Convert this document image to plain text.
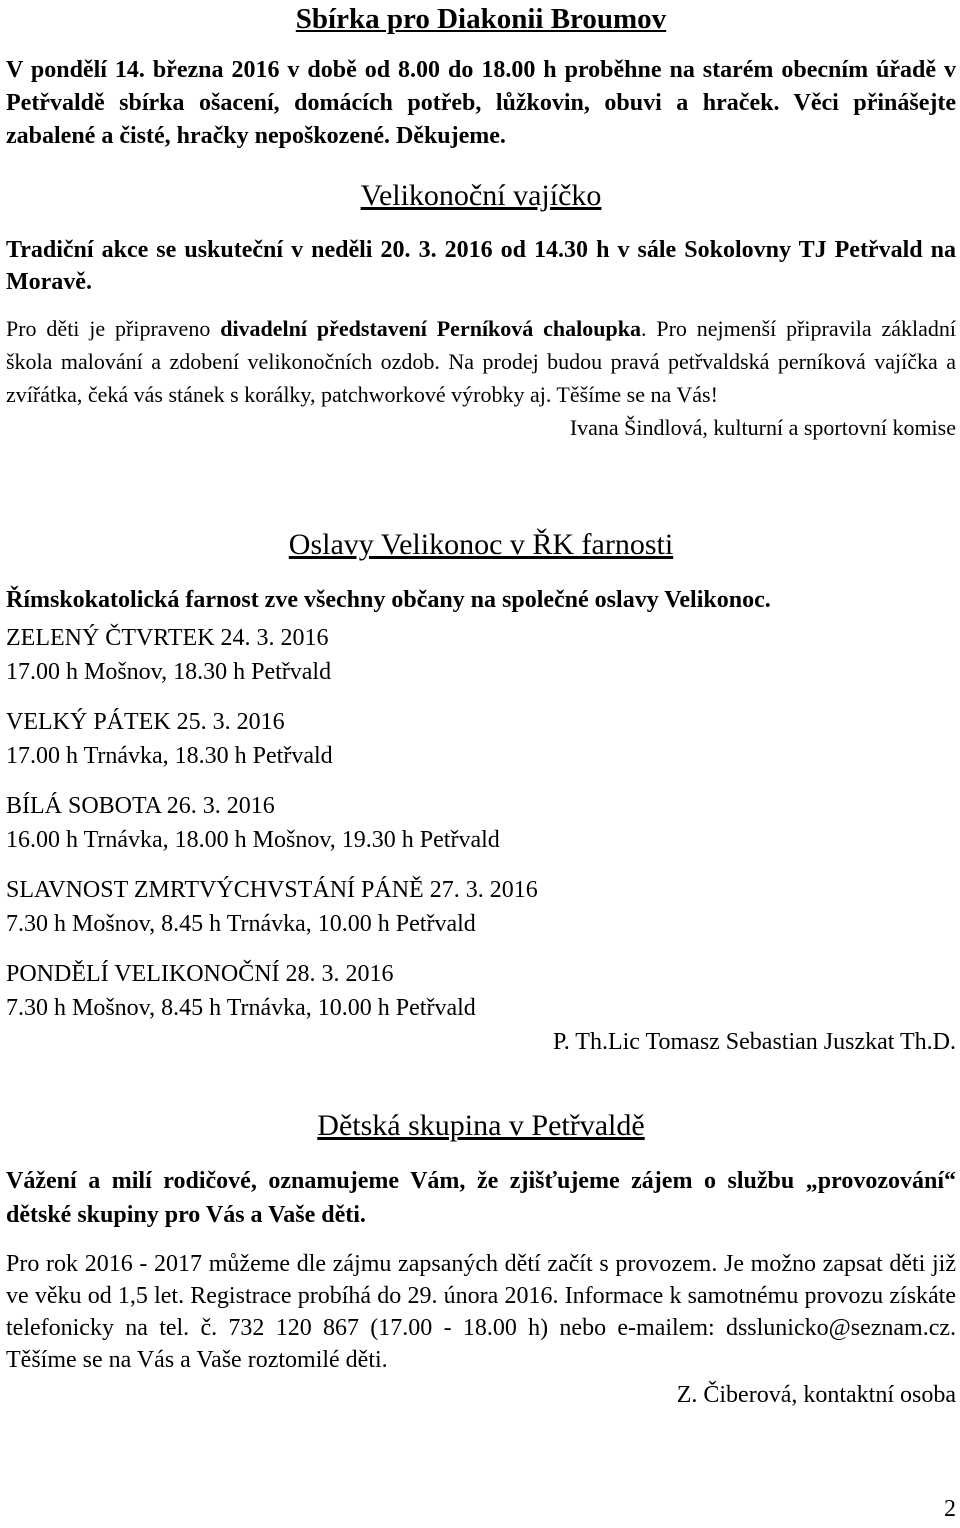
Sbírka pro Diakonii Broumov

V pondělí 14. března 2016 v době od 8.00 do 18.00 h proběhne na starém obecním úřadě v Petřvaldě sbírka ošacení, domácích potřeb, lůžkovin, obuvi a hraček. Věci přinášejte zabalené a čisté, hračky nepoškozené. Děkujeme.

Velikonoční vajíčko

Tradiční akce se uskuteční v neděli 20. 3. 2016 od 14.30 h v sále Sokolovny TJ Petřvald na Moravě.

Pro děti je připraveno divadelní představení Perníková chaloupka. Pro nejmenší připravila základní škola malování a zdobení velikonočních ozdob. Na prodej budou pravá petřvaldská perníková vajíčka a zvířátka, čeká vás stánek s korálky, patchworkové výrobky aj. Těšíme se na Vás!

Ivana Šindlová, kulturní a sportovní komise

Oslavy Velikonoc v ŘK farnosti

Římskokatolická farnost zve všechny občany na společné oslavy Velikonoc.

ZELENÝ ČTVRTEK 24. 3. 2016

17.00 h Mošnov, 18.30 h Petřvald

VELKÝ PÁTEK 25. 3. 2016

17.00 h Trnávka, 18.30 h Petřvald

BÍLÁ SOBOTA 26. 3. 2016

16.00 h Trnávka, 18.00 h Mošnov, 19.30 h Petřvald

SLAVNOST ZMRTVÝCHVSTÁNÍ PÁNĚ 27. 3. 2016

7.30 h Mošnov, 8.45 h Trnávka, 10.00 h Petřvald

PONDĚLÍ VELIKONOČNÍ 28. 3. 2016

7.30 h Mošnov, 8.45 h Trnávka, 10.00 h Petřvald

P. Th.Lic Tomasz Sebastian Juszkat Th.D.

Dětská skupina v Petřvaldě

Vážení a milí rodičové, oznamujeme Vám, že zjišťujeme zájem o službu „provozování“ dětské skupiny pro Vás a Vaše děti.

Pro rok 2016 - 2017 můžeme dle zájmu zapsaných dětí začít s provozem. Je možno zapsat děti již ve věku od 1,5 let. Registrace probíhá do 29. února 2016. Informace k samotnému provozu získáte telefonicky na tel. č. 732 120 867 (17.00 - 18.00 h) nebo e-mailem: dsslunicko@seznam.cz. Těšíme se na Vás a Vaše roztomilé děti.

Z. Čiberová, kontaktní osoba

2
